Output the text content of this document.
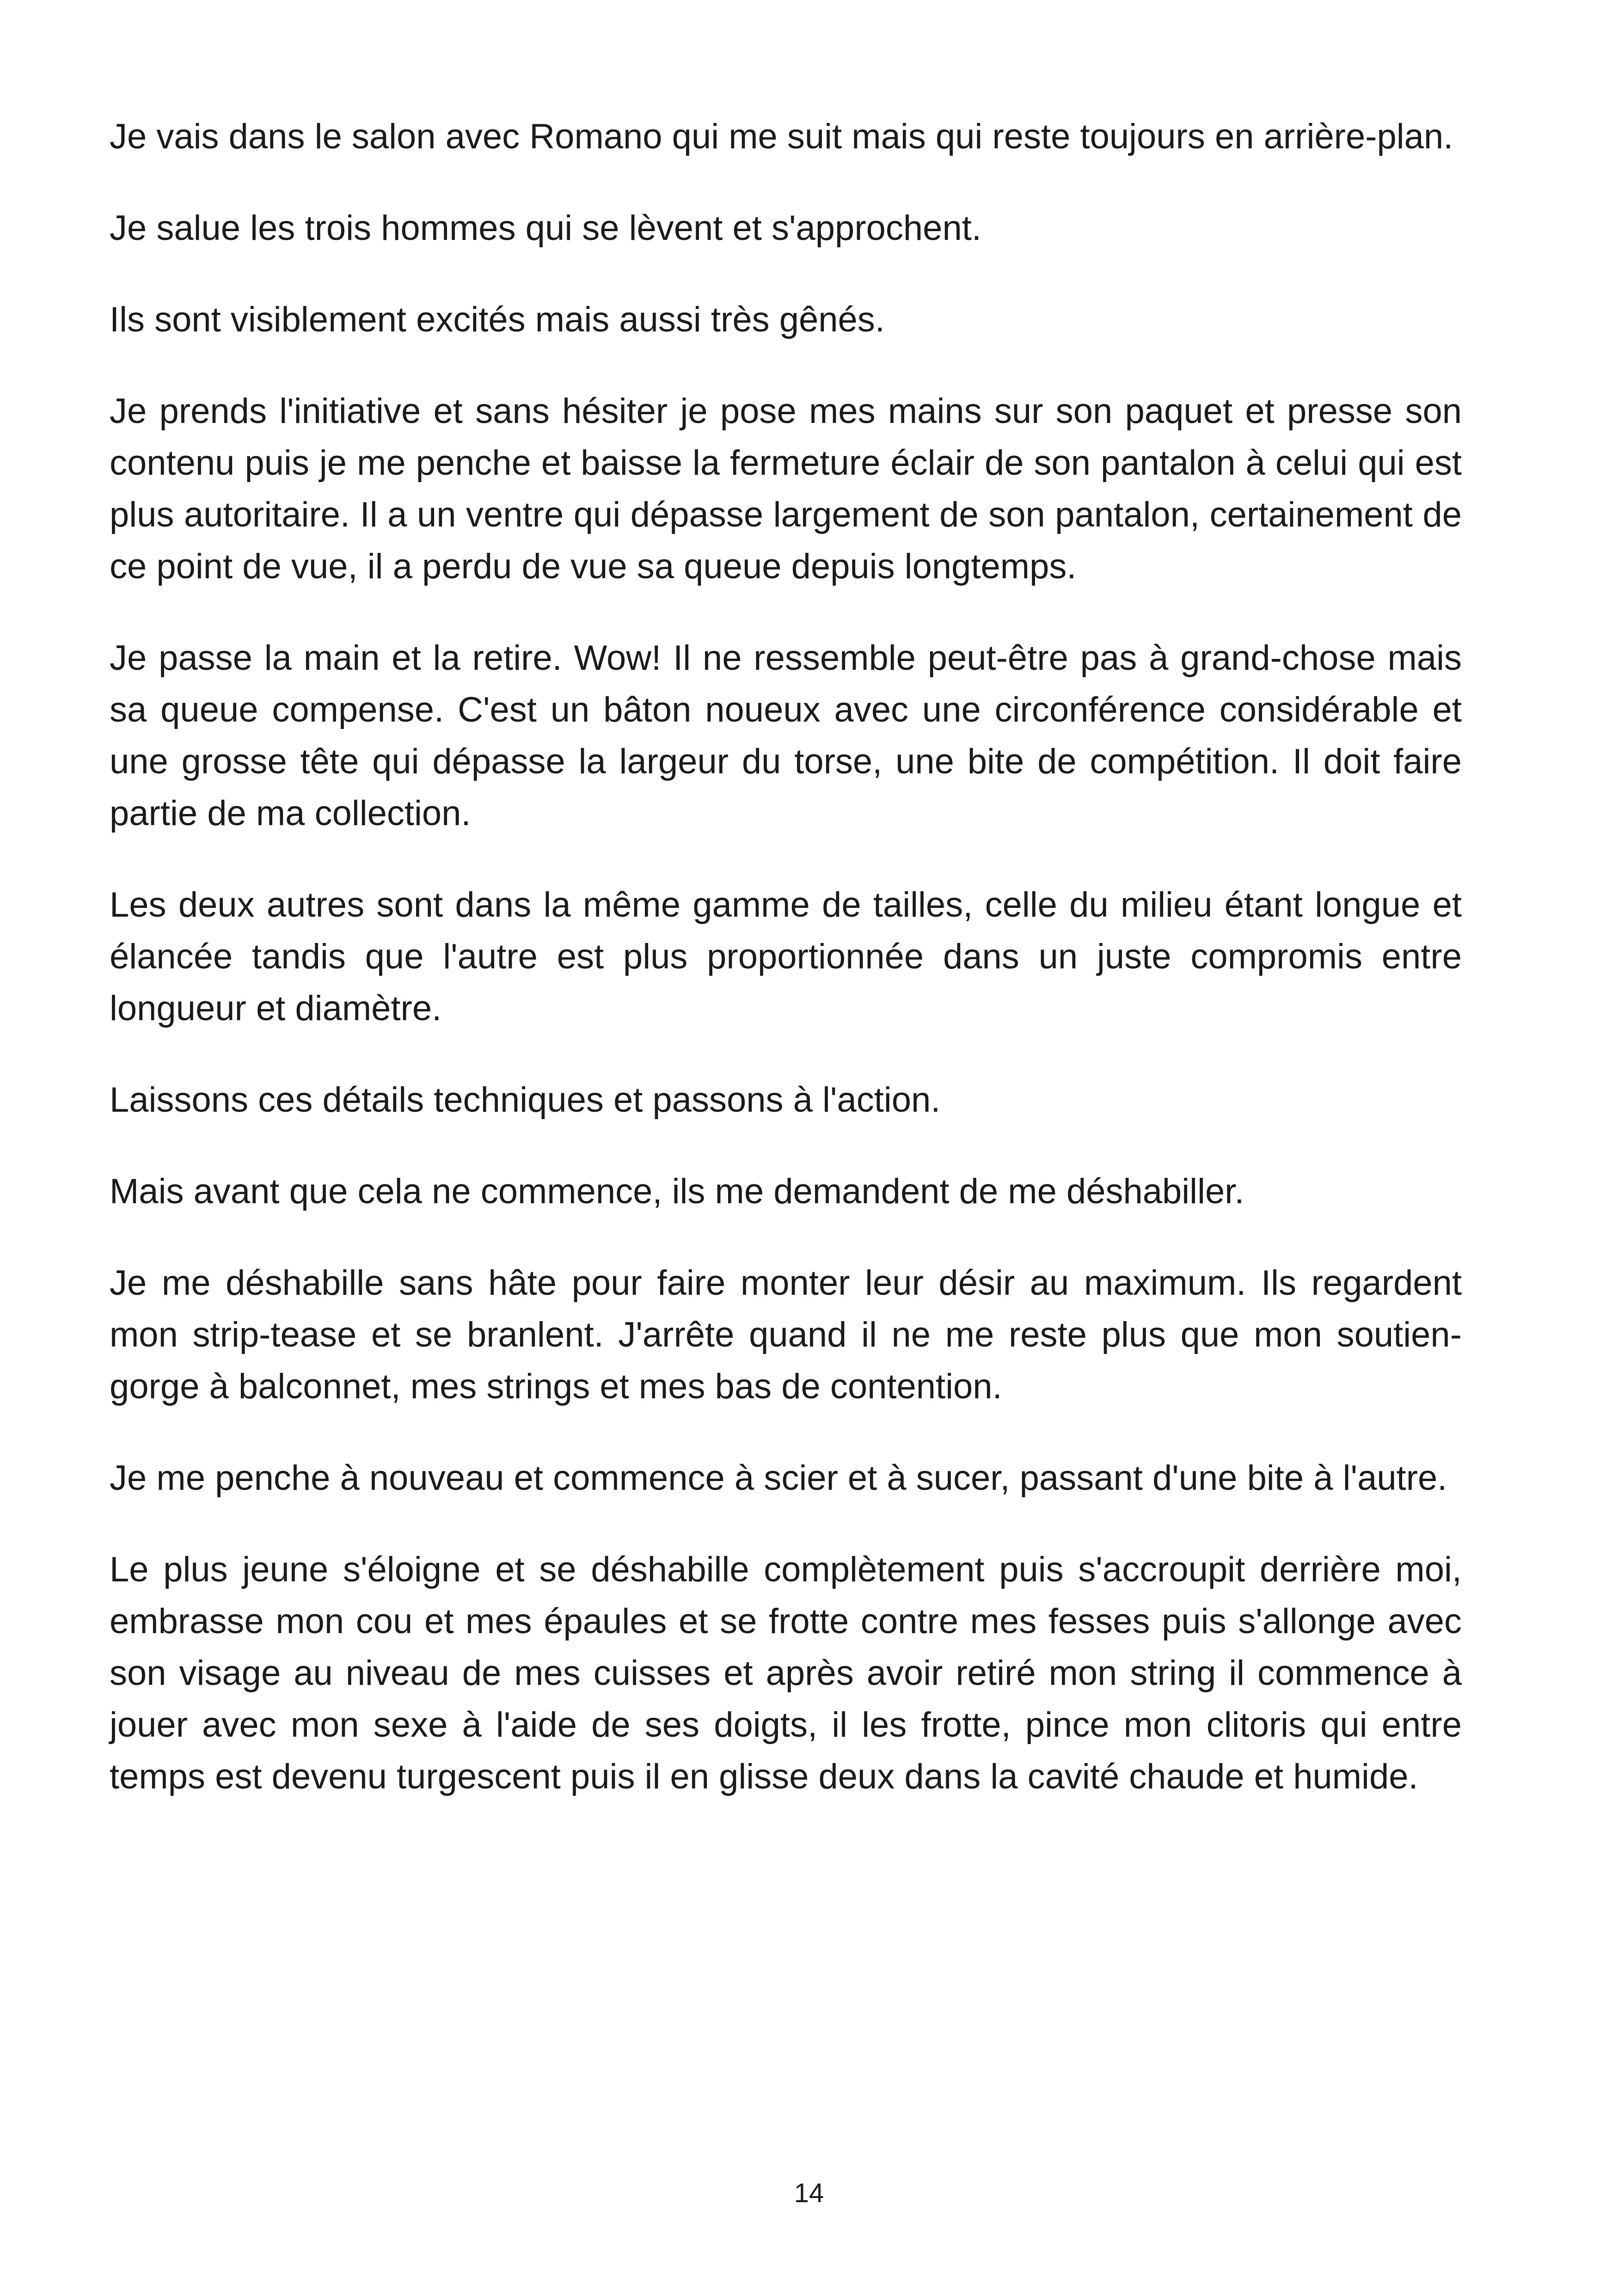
Je vais dans le salon avec Romano qui me suit mais qui reste toujours en arrière-plan.

Je salue les trois hommes qui se lèvent et s'approchent.

Ils sont visiblement excités mais aussi très gênés.

Je prends l'initiative et sans hésiter je pose mes mains sur son paquet et presse son contenu puis je me penche et baisse la fermeture éclair de son pantalon à celui qui est plus autoritaire. Il a un ventre qui dépasse largement de son pantalon, certainement de ce point de vue, il a perdu de vue sa queue depuis longtemps.

Je passe la main et la retire. Wow! Il ne ressemble peut-être pas à grand-chose mais sa queue compense. C'est un bâton noueux avec une circonférence considérable et une grosse tête qui dépasse la largeur du torse, une bite de compétition. Il doit faire partie de ma collection.

Les deux autres sont dans la même gamme de tailles, celle du milieu étant longue et élancée tandis que l'autre est plus proportionnée dans un juste compromis entre longueur et diamètre.

Laissons ces détails techniques et passons à l'action.

Mais avant que cela ne commence, ils me demandent de me déshabiller.

Je me déshabille sans hâte pour faire monter leur désir au maximum. Ils regardent mon strip-tease et se branlent. J'arrête quand il ne me reste plus que mon soutien-gorge à balconnet, mes strings et mes bas de contention.

Je me penche à nouveau et commence à scier et à sucer, passant d'une bite à l'autre.

Le plus jeune s'éloigne et se déshabille complètement puis s'accroupit derrière moi, embrasse mon cou et mes épaules et se frotte contre mes fesses puis s'allonge avec son visage au niveau de mes cuisses et après avoir retiré mon string il commence à jouer avec mon sexe à l'aide de ses doigts, il les frotte, pince mon clitoris qui entre temps est devenu turgescent puis il en glisse deux dans la cavité chaude et humide.

14
